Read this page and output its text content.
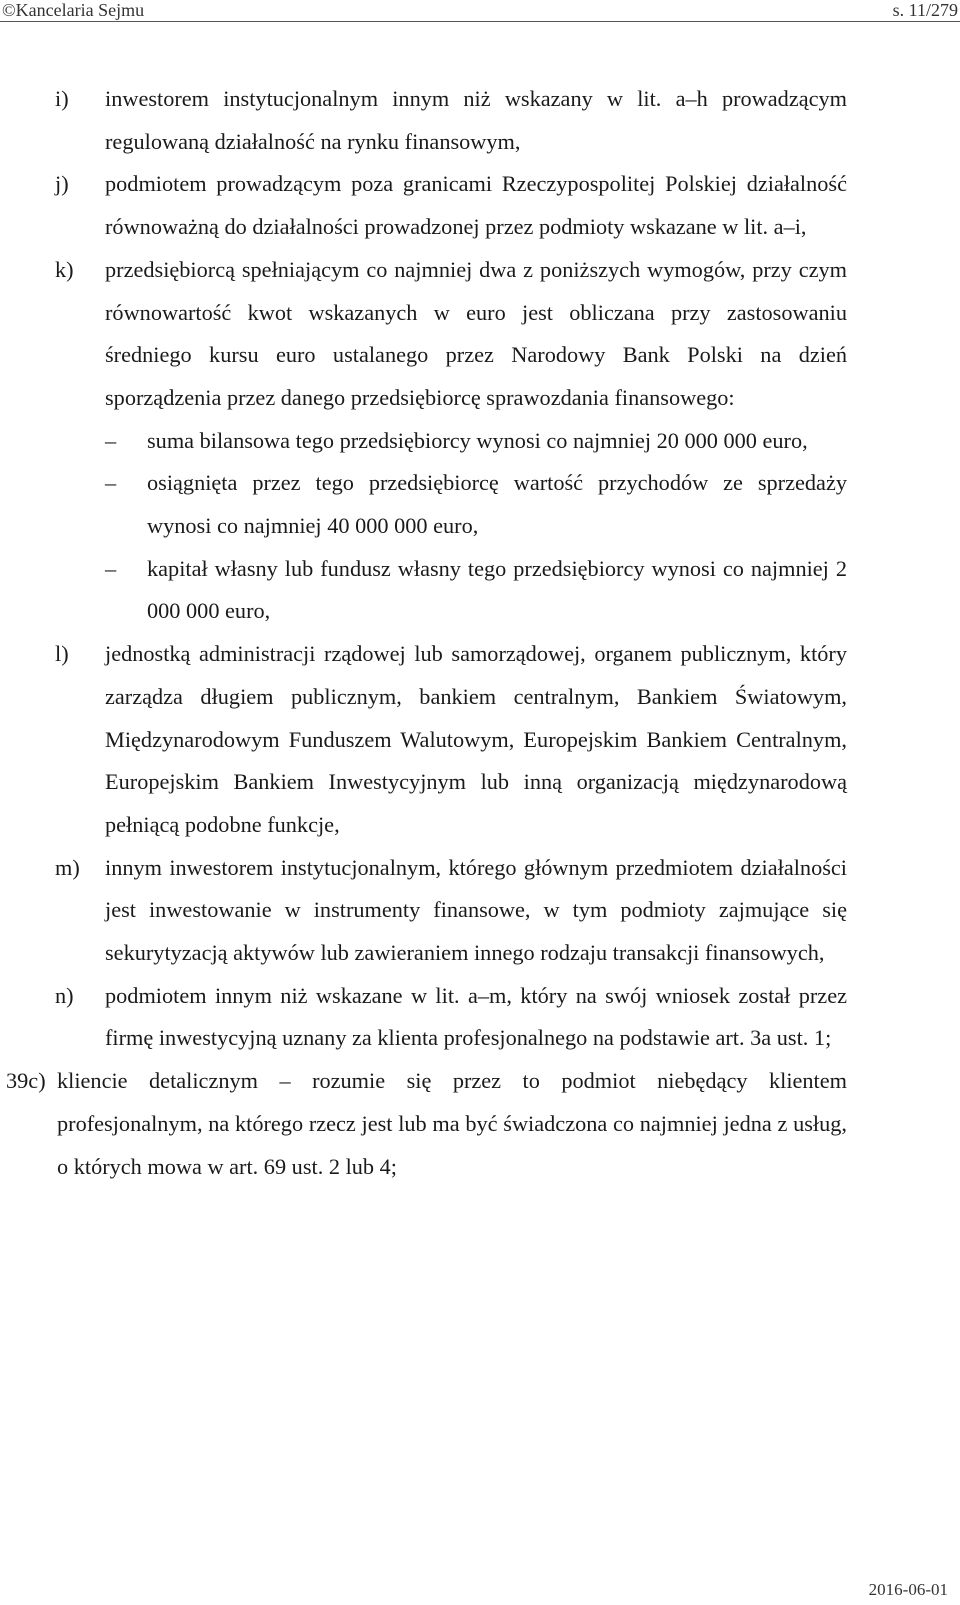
©Kancelaria Sejmu	s. 11/279
i) inwestorem instytucjonalnym innym niż wskazany w lit. a–h prowadzącym regulowaną działalność na rynku finansowym,
j) podmiotem prowadzącym poza granicami Rzeczypospolitej Polskiej działalność równoważną do działalności prowadzonej przez podmioty wskazane w lit. a–i,
k) przedsiębiorcą spełniającym co najmniej dwa z poniższych wymogów, przy czym równowartość kwot wskazanych w euro jest obliczana przy zastosowaniu średniego kursu euro ustalanego przez Narodowy Bank Polski na dzień sporządzenia przez danego przedsiębiorcę sprawozdania finansowego:
– suma bilansowa tego przedsiębiorcy wynosi co najmniej 20 000 000 euro,
– osiągnięta przez tego przedsiębiorcę wartość przychodów ze sprzedaży wynosi co najmniej 40 000 000 euro,
– kapitał własny lub fundusz własny tego przedsiębiorcy wynosi co najmniej 2 000 000 euro,
l) jednostką administracji rządowej lub samorządowej, organem publicznym, który zarządza długiem publicznym, bankiem centralnym, Bankiem Światowym, Międzynarodowym Funduszem Walutowym, Europejskim Bankiem Centralnym, Europejskim Bankiem Inwestycyjnym lub inną organizacją międzynarodową pełniącą podobne funkcje,
m) innym inwestorem instytucjonalnym, którego głównym przedmiotem działalności jest inwestowanie w instrumenty finansowe, w tym podmioty zajmujące się sekurytyzacją aktywów lub zawieraniem innego rodzaju transakcji finansowych,
n) podmiotem innym niż wskazane w lit. a–m, który na swój wniosek został przez firmę inwestycyjną uznany za klienta profesjonalnego na podstawie art. 3a ust. 1;
39c) kliencie detalicznym – rozumie się przez to podmiot niebędący klientem profesjonalnym, na którego rzecz jest lub ma być świadczona co najmniej jedna z usług, o których mowa w art. 69 ust. 2 lub 4;
2016-06-01
